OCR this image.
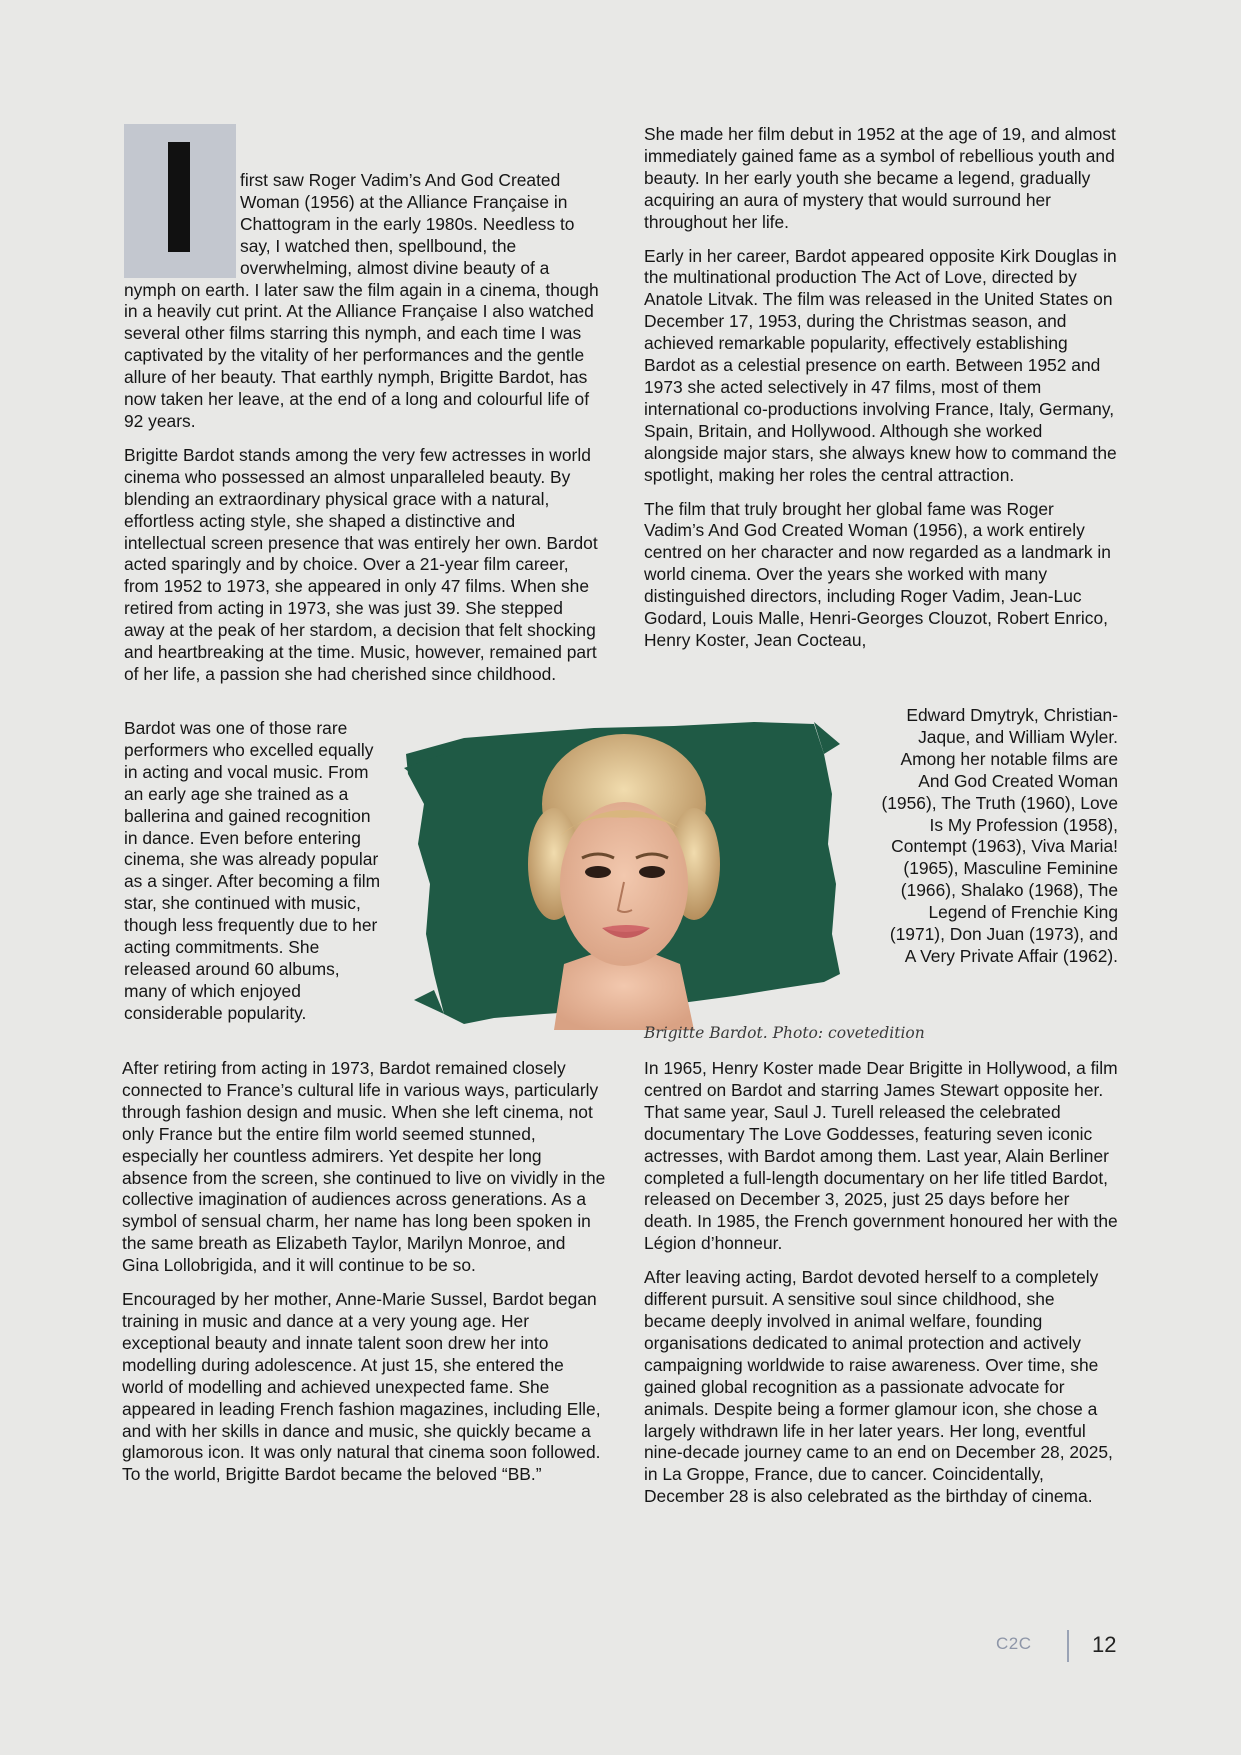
first saw Roger Vadim’s And God Created Woman (1956) at the Alliance Française in Chattogram in the early 1980s. Needless to say, I watched then, spellbound, the overwhelming, almost divine beauty of a nymph on earth. I later saw the film again in a cinema, though in a heavily cut print. At the Alliance Française I also watched several other films starring this nymph, and each time I was captivated by the vitality of her performances and the gentle allure of her beauty. That earthly nymph, Brigitte Bardot, has now taken her leave, at the end of a long and colourful life of 92 years.

Brigitte Bardot stands among the very few actresses in world cinema who possessed an almost unparalleled beauty. By blending an extraordinary physical grace with a natural, effortless acting style, she shaped a distinctive and intellectual screen presence that was entirely her own. Bardot acted sparingly and by choice. Over a 21-year film career, from 1952 to 1973, she appeared in only 47 films. When she retired from acting in 1973, she was just 39. She stepped away at the peak of her stardom, a decision that felt shocking and heartbreaking at the time. Music, however, remained part of her life, a passion she had cherished since childhood.

She made her film debut in 1952 at the age of 19, and almost immediately gained fame as a symbol of rebellious youth and beauty. In her early youth she became a legend, gradually acquiring an aura of mystery that would surround her throughout her life.

Early in her career, Bardot appeared opposite Kirk Douglas in the multinational production The Act of Love, directed by Anatole Litvak. The film was released in the United States on December 17, 1953, during the Christmas season, and achieved remarkable popularity, effectively establishing Bardot as a celestial presence on earth. Between 1952 and 1973 she acted selectively in 47 films, most of them international co-productions involving France, Italy, Germany, Spain, Britain, and Hollywood. Although she worked alongside major stars, she always knew how to command the spotlight, making her roles the central attraction.

The film that truly brought her global fame was Roger Vadim’s And God Created Woman (1956), a work entirely centred on her character and now regarded as a landmark in world cinema. Over the years she worked with many distinguished directors, including Roger Vadim, Jean-Luc Godard, Louis Malle, Henri-Georges Clouzot, Robert Enrico, Henry Koster, Jean Cocteau,

Bardot was one of those rare performers who excelled equally in acting and vocal music. From an early age she trained as a ballerina and gained recognition in dance. Even before entering cinema, she was already popular as a singer. After becoming a film star, she continued with music, though less frequently due to her acting commitments. She released around 60 albums, many of which enjoyed considerable popularity.

Edward Dmytryk, Christian-Jaque, and William Wyler. Among her notable films are And God Created Woman (1956), The Truth (1960), Love Is My Profession (1958), Contempt (1963), Viva Maria! (1965), Masculine Feminine (1966), Shalako (1968), The Legend of Frenchie King (1971), Don Juan (1973), and A Very Private Affair (1962).

Brigitte Bardot. Photo: covetedition

After retiring from acting in 1973, Bardot remained closely connected to France’s cultural life in various ways, particularly through fashion design and music. When she left cinema, not only France but the entire film world seemed stunned, especially her countless admirers. Yet despite her long absence from the screen, she continued to live on vividly in the collective imagination of audiences across generations. As a symbol of sensual charm, her name has long been spoken in the same breath as Elizabeth Taylor, Marilyn Monroe, and Gina Lollobrigida, and it will continue to be so.

Encouraged by her mother, Anne-Marie Sussel, Bardot began training in music and dance at a very young age. Her exceptional beauty and innate talent soon drew her into modelling during adolescence. At just 15, she entered the world of modelling and achieved unexpected fame. She appeared in leading French fashion magazines, including Elle, and with her skills in dance and music, she quickly became a glamorous icon. It was only natural that cinema soon followed. To the world, Brigitte Bardot became the beloved “BB.”

In 1965, Henry Koster made Dear Brigitte in Hollywood, a film centred on Bardot and starring James Stewart opposite her. That same year, Saul J. Turell released the celebrated documentary The Love Goddesses, featuring seven iconic actresses, with Bardot among them. Last year, Alain Berliner completed a full-length documentary on her life titled Bardot, released on December 3, 2025, just 25 days before her death. In 1985, the French government honoured her with the Légion d’honneur.

After leaving acting, Bardot devoted herself to a completely different pursuit. A sensitive soul since childhood, she became deeply involved in animal welfare, founding organisations dedicated to animal protection and actively campaigning worldwide to raise awareness. Over time, she gained global recognition as a passionate advocate for animals. Despite being a former glamour icon, she chose a largely withdrawn life in her later years. Her long, eventful nine-decade journey came to an end on December 28, 2025, in La Groppe, France, due to cancer. Coincidentally, December 28 is also celebrated as the birthday of cinema.

C2C	12
